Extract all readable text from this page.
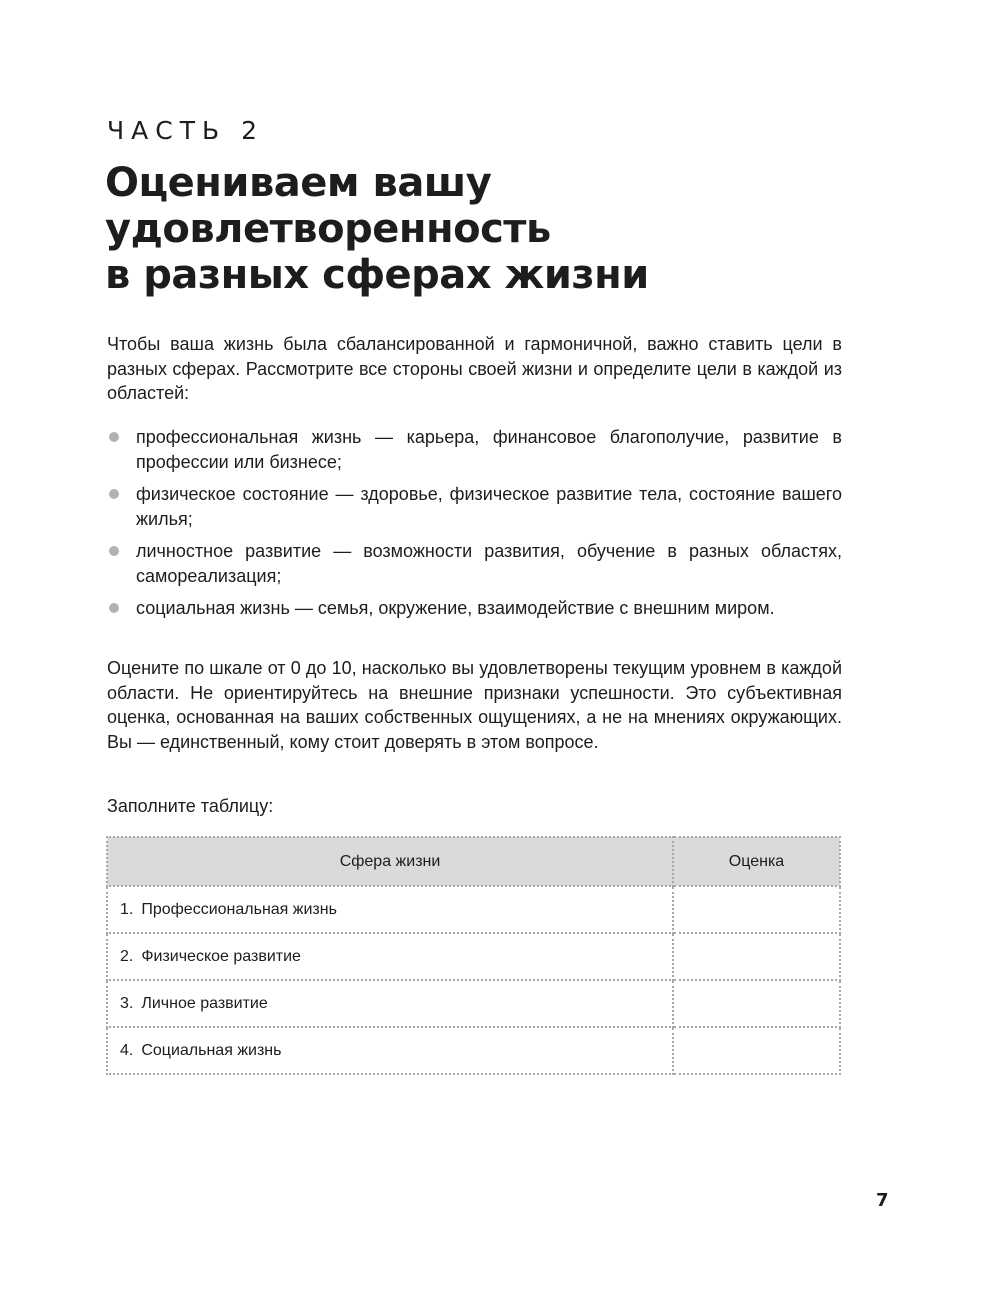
ЧАСТЬ 2
Оцениваем вашу
удовлетворенность
в разных сферах жизни

Чтобы ваша жизнь была сбалансированной и гармоничной, важно ставить цели в разных сферах. Рассмотрите все стороны своей жизни и определите цели в каждой из областей:

профессиональная жизнь — карьера, финансовое благополучие, развитие в профессии или бизнесе;
физическое состояние — здоровье, физическое развитие тела, состояние вашего жилья;
личностное развитие — возможности развития, обучение в разных областях, самореализация;
социальная жизнь — семья, окружение, взаимодействие с внешним миром.

Оцените по шкале от 0 до 10, насколько вы удовлетворены текущим уровнем в каждой области. Не ориентируйтесь на внешние признаки успешности. Это субъективная оценка, основанная на ваших собственных ощущениях, а не на мнениях окружающих. Вы — единственный, кому стоит доверять в этом вопросе.

Заполните таблицу:

Сфера жизни	Оценка
1. Профессиональная жизнь	
2. Физическое развитие	
3. Личное развитие	
4. Социальная жизнь	
7
